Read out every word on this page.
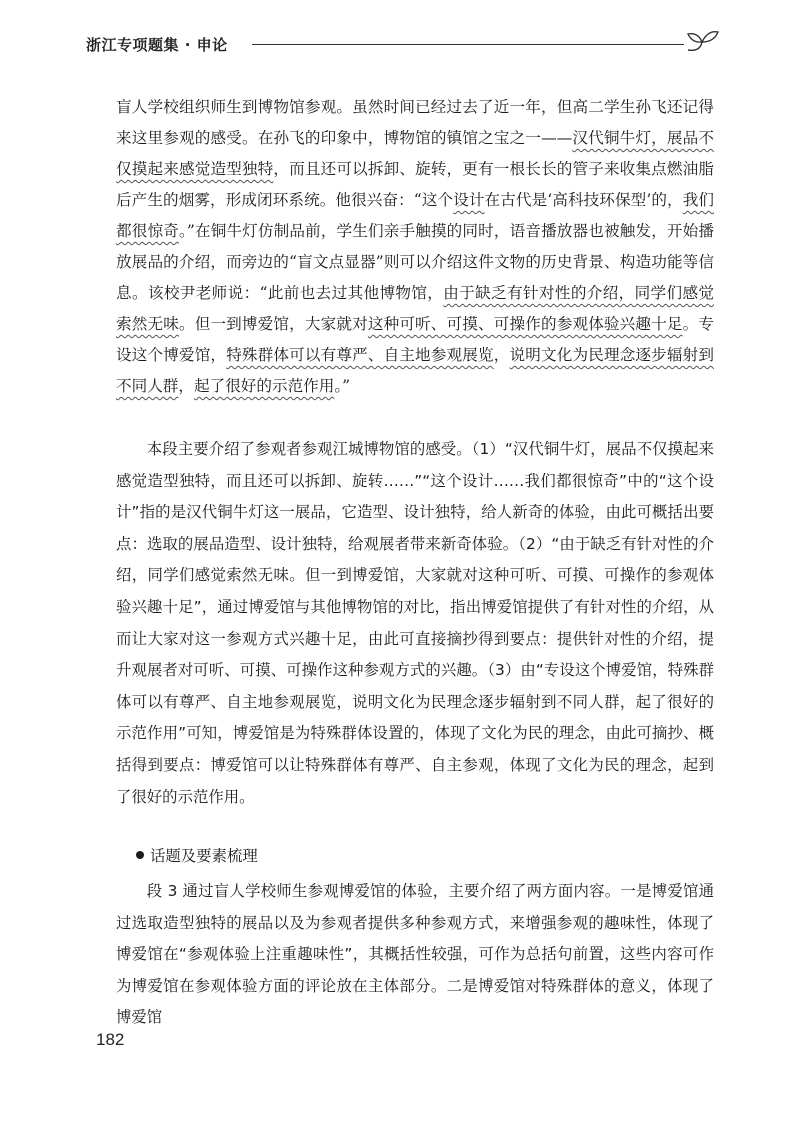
浙江专项题集 · 申论

盲人学校组织师生到博物馆参观。虽然时间已经过去了近一年，但高二学生孙飞还记得来这里参观的感受。在孙飞的印象中，博物馆的镇馆之宝之一——汉代铜牛灯，展品不仅摸起来感觉造型独特，而且还可以拆卸、旋转，更有一根长长的管子来收集点燃油脂后产生的烟雾，形成闭环系统。他很兴奋：“这个设计在古代是‘高科技环保型’的，我们都很惊奇。”在铜牛灯仿制品前，学生们亲手触摸的同时，语音播放器也被触发，开始播放展品的介绍，而旁边的“盲文点显器”则可以介绍这件文物的历史背景、构造功能等信息。该校尹老师说：“此前也去过其他博物馆，由于缺乏有针对性的介绍，同学们感觉索然无味。但一到博爱馆，大家就对这种可听、可摸、可操作的参观体验兴趣十足。专设这个博爱馆，特殊群体可以有尊严、自主地参观展览，说明文化为民理念逐步辐射到不同人群，起了很好的示范作用。”

本段主要介绍了参观者参观江城博物馆的感受。（1）“汉代铜牛灯，展品不仅摸起来感觉造型独特，而且还可以拆卸、旋转……”“这个设计……我们都很惊奇”中的“这个设计”指的是汉代铜牛灯这一展品，它造型、设计独特，给人新奇的体验，由此可概括出要点：选取的展品造型、设计独特，给观展者带来新奇体验。（2）“由于缺乏有针对性的介绍，同学们感觉索然无味。但一到博爱馆，大家就对这种可听、可摸、可操作的参观体验兴趣十足”，通过博爱馆与其他博物馆的对比，指出博爱馆提供了有针对性的介绍，从而让大家对这一参观方式兴趣十足，由此可直接摘抄得到要点：提供针对性的介绍，提升观展者对可听、可摸、可操作这种参观方式的兴趣。（3）由“专设这个博爱馆，特殊群体可以有尊严、自主地参观展览，说明文化为民理念逐步辐射到不同人群，起了很好的示范作用”可知，博爱馆是为特殊群体设置的，体现了文化为民的理念，由此可摘抄、概括得到要点：博爱馆可以让特殊群体有尊严、自主参观，体现了文化为民的理念，起到了很好的示范作用。

话题及要素梳理

段 3 通过盲人学校师生参观博爱馆的体验，主要介绍了两方面内容。一是博爱馆通过选取造型独特的展品以及为参观者提供多种参观方式，来增强参观的趣味性，体现了博爱馆在“参观体验上注重趣味性”，其概括性较强，可作为总括句前置，这些内容可作为博爱馆在参观体验方面的评论放在主体部分。二是博爱馆对特殊群体的意义，体现了博爱馆

182
